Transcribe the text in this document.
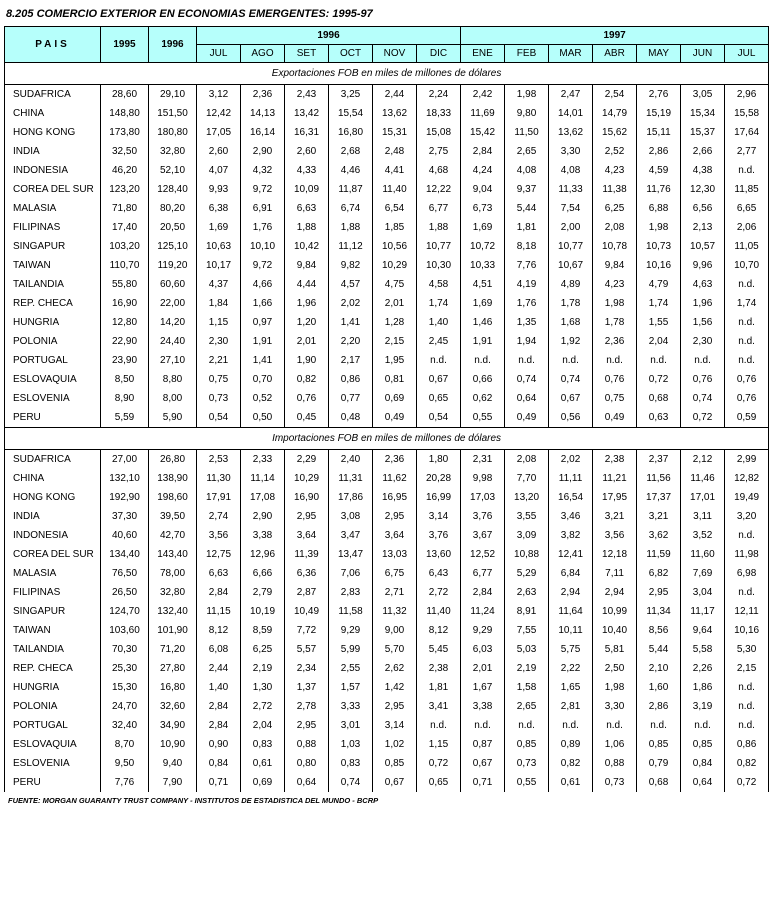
8.205 COMERCIO EXTERIOR EN ECONOMIAS EMERGENTES: 1995-97
PAIS	1995	1996	1996						1997						
			JUL	AGO	SET	OCT	NOV	DIC	ENE	FEB	MAR	ABR	MAY	JUN	JUL
Exportaciones FOB en miles de millones de dólares															
SUDAFRICA	28,60	29,10	3,12	2,36	2,43	3,25	2,44	2,24	2,42	1,98	2,47	2,54	2,76	3,05	2,96
CHINA	148,80	151,50	12,42	14,13	13,42	15,54	13,62	18,33	11,69	9,80	14,01	14,79	15,19	15,34	15,58
HONG KONG	173,80	180,80	17,05	16,14	16,31	16,80	15,31	15,08	15,42	11,50	13,62	15,62	15,11	15,37	17,64
INDIA	32,50	32,80	2,60	2,90	2,60	2,68	2,48	2,75	2,84	2,65	3,30	2,52	2,86	2,66	2,77
INDONESIA	46,20	52,10	4,07	4,32	4,33	4,46	4,41	4,68	4,24	4,08	4,08	4,23	4,59	4,38	n.d.
COREA DEL SUR	123,20	128,40	9,93	9,72	10,09	11,87	11,40	12,22	9,04	9,37	11,33	11,38	11,76	12,30	11,85
MALASIA	71,80	80,20	6,38	6,91	6,63	6,74	6,54	6,77	6,73	5,44	7,54	6,25	6,88	6,56	6,65
FILIPINAS	17,40	20,50	1,69	1,76	1,88	1,88	1,85	1,88	1,69	1,81	2,00	2,08	1,98	2,13	2,06
SINGAPUR	103,20	125,10	10,63	10,10	10,42	11,12	10,56	10,77	10,72	8,18	10,77	10,78	10,73	10,57	11,05
TAIWAN	110,70	119,20	10,17	9,72	9,84	9,82	10,29	10,30	10,33	7,76	10,67	9,84	10,16	9,96	10,70
TAILANDIA	55,80	60,60	4,37	4,66	4,44	4,57	4,75	4,58	4,51	4,19	4,89	4,23	4,79	4,63	n.d.
REP. CHECA	16,90	22,00	1,84	1,66	1,96	2,02	2,01	1,74	1,69	1,76	1,78	1,98	1,74	1,96	1,74
HUNGRIA	12,80	14,20	1,15	0,97	1,20	1,41	1,28	1,40	1,46	1,35	1,68	1,78	1,55	1,56	n.d.
POLONIA	22,90	24,40	2,30	1,91	2,01	2,20	2,15	2,45	1,91	1,94	1,92	2,36	2,04	2,30	n.d.
PORTUGAL	23,90	27,10	2,21	1,41	1,90	2,17	1,95	n.d.	n.d.	n.d.	n.d.	n.d.	n.d.	n.d.	n.d.
ESLOVAQUIA	8,50	8,80	0,75	0,70	0,82	0,86	0,81	0,67	0,66	0,74	0,74	0,76	0,72	0,76	0,76
ESLOVENIA	8,90	8,00	0,73	0,52	0,76	0,77	0,69	0,65	0,62	0,64	0,67	0,75	0,68	0,74	0,76
PERU	5,59	5,90	0,54	0,50	0,45	0,48	0,49	0,54	0,55	0,49	0,56	0,49	0,63	0,72	0,59
Importaciones FOB en miles de millones de dólares															
SUDAFRICA	27,00	26,80	2,53	2,33	2,29	2,40	2,36	1,80	2,31	2,08	2,02	2,38	2,37	2,12	2,99
CHINA	132,10	138,90	11,30	11,14	10,29	11,31	11,62	20,28	9,98	7,70	11,11	11,21	11,56	11,46	12,82
HONG KONG	192,90	198,60	17,91	17,08	16,90	17,86	16,95	16,99	17,03	13,20	16,54	17,95	17,37	17,01	19,49
INDIA	37,30	39,50	2,74	2,90	2,95	3,08	2,95	3,14	3,76	3,55	3,46	3,21	3,21	3,11	3,20
INDONESIA	40,60	42,70	3,56	3,38	3,64	3,47	3,64	3,76	3,67	3,09	3,82	3,56	3,62	3,52	n.d.
COREA DEL SUR	134,40	143,40	12,75	12,96	11,39	13,47	13,03	13,60	12,52	10,88	12,41	12,18	11,59	11,60	11,98
MALASIA	76,50	78,00	6,63	6,66	6,36	7,06	6,75	6,43	6,77	5,29	6,84	7,11	6,82	7,69	6,98
FILIPINAS	26,50	32,80	2,84	2,79	2,87	2,83	2,71	2,72	2,84	2,63	2,94	2,94	2,95	3,04	n.d.
SINGAPUR	124,70	132,40	11,15	10,19	10,49	11,58	11,32	11,40	11,24	8,91	11,64	10,99	11,34	11,17	12,11
TAIWAN	103,60	101,90	8,12	8,59	7,72	9,29	9,00	8,12	9,29	7,55	10,11	10,40	8,56	9,64	10,16
TAILANDIA	70,30	71,20	6,08	6,25	5,57	5,99	5,70	5,45	6,03	5,03	5,75	5,81	5,44	5,58	5,30
REP. CHECA	25,30	27,80	2,44	2,19	2,34	2,55	2,62	2,38	2,01	2,19	2,22	2,50	2,10	2,26	2,15
HUNGRIA	15,30	16,80	1,40	1,30	1,37	1,57	1,42	1,81	1,67	1,58	1,65	1,98	1,60	1,86	n.d.
POLONIA	24,70	32,60	2,84	2,72	2,78	3,33	2,95	3,41	3,38	2,65	2,81	3,30	2,86	3,19	n.d.
PORTUGAL	32,40	34,90	2,84	2,04	2,95	3,01	3,14	n.d.	n.d.	n.d.	n.d.	n.d.	n.d.	n.d.	n.d.
ESLOVAQUIA	8,70	10,90	0,90	0,83	0,88	1,03	1,02	1,15	0,87	0,85	0,89	1,06	0,85	0,85	0,86
ESLOVENIA	9,50	9,40	0,84	0,61	0,80	0,83	0,85	0,72	0,67	0,73	0,82	0,88	0,79	0,84	0,82
PERU	7,76	7,90	0,71	0,69	0,64	0,74	0,67	0,65	0,71	0,55	0,61	0,73	0,68	0,64	0,72
FUENTE: MORGAN GUARANTY TRUST COMPANY - INSTITUTOS DE ESTADISTICA DEL MUNDO - BCRP
